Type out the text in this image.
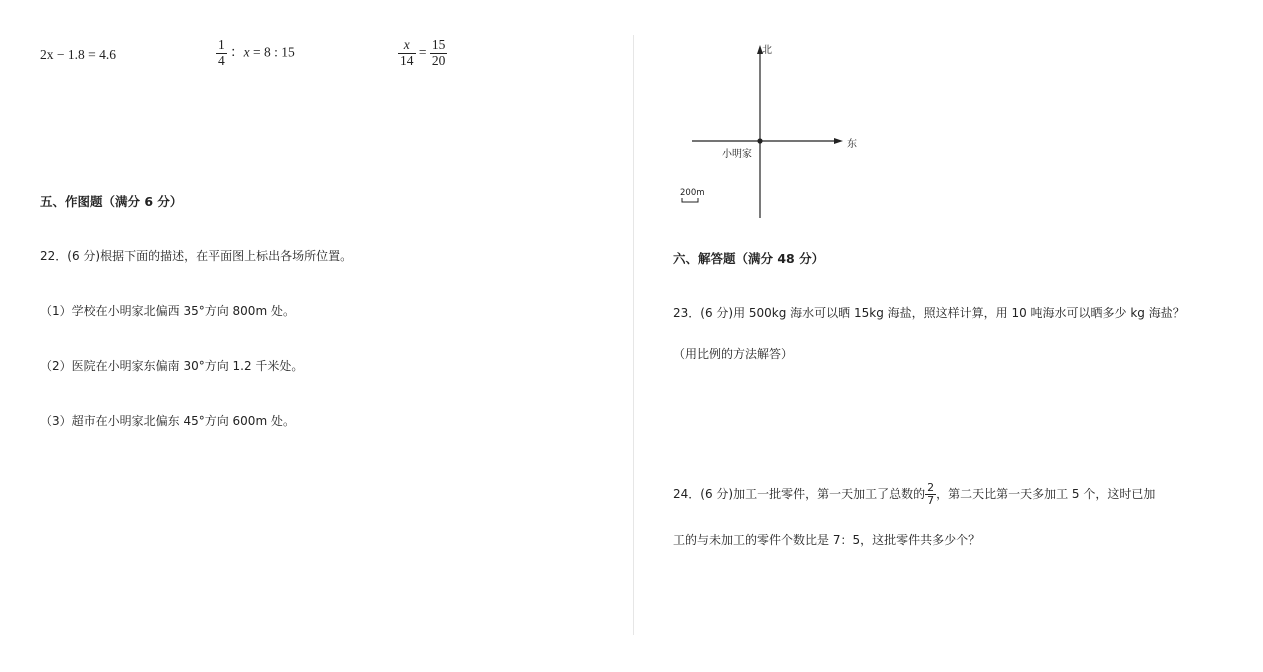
2x − 1.8 = 4.6	$\frac{1}{4}$ ：x = 8 : 15	$\frac{x}{14} = \frac{15}{20}$
五、作图题（满分 6 分）
22．(6 分)根据下面的描述，在平面图上标出各场所位置。
（1）学校在小明家北偏西 35°方向 800m 处。
（2）医院在小明家东偏南 30°方向 1.2 千米处。
（3）超市在小明家北偏东 45°方向 600m 处。
北
东
小明家
200m
六、解答题（满分 48 分）
23．(6 分)用 500kg 海水可以晒 15kg 海盐，照这样计算，用 10 吨海水可以晒多少 kg 海盐？
（用比例的方法解答）
24．(6 分)加工一批零件，第一天加工了总数的 $\frac{2}{7}$ ，第二天比第一天多加工 5 个，这时已加
工的与未加工的零件个数比是 7：5，这批零件共多少个？
